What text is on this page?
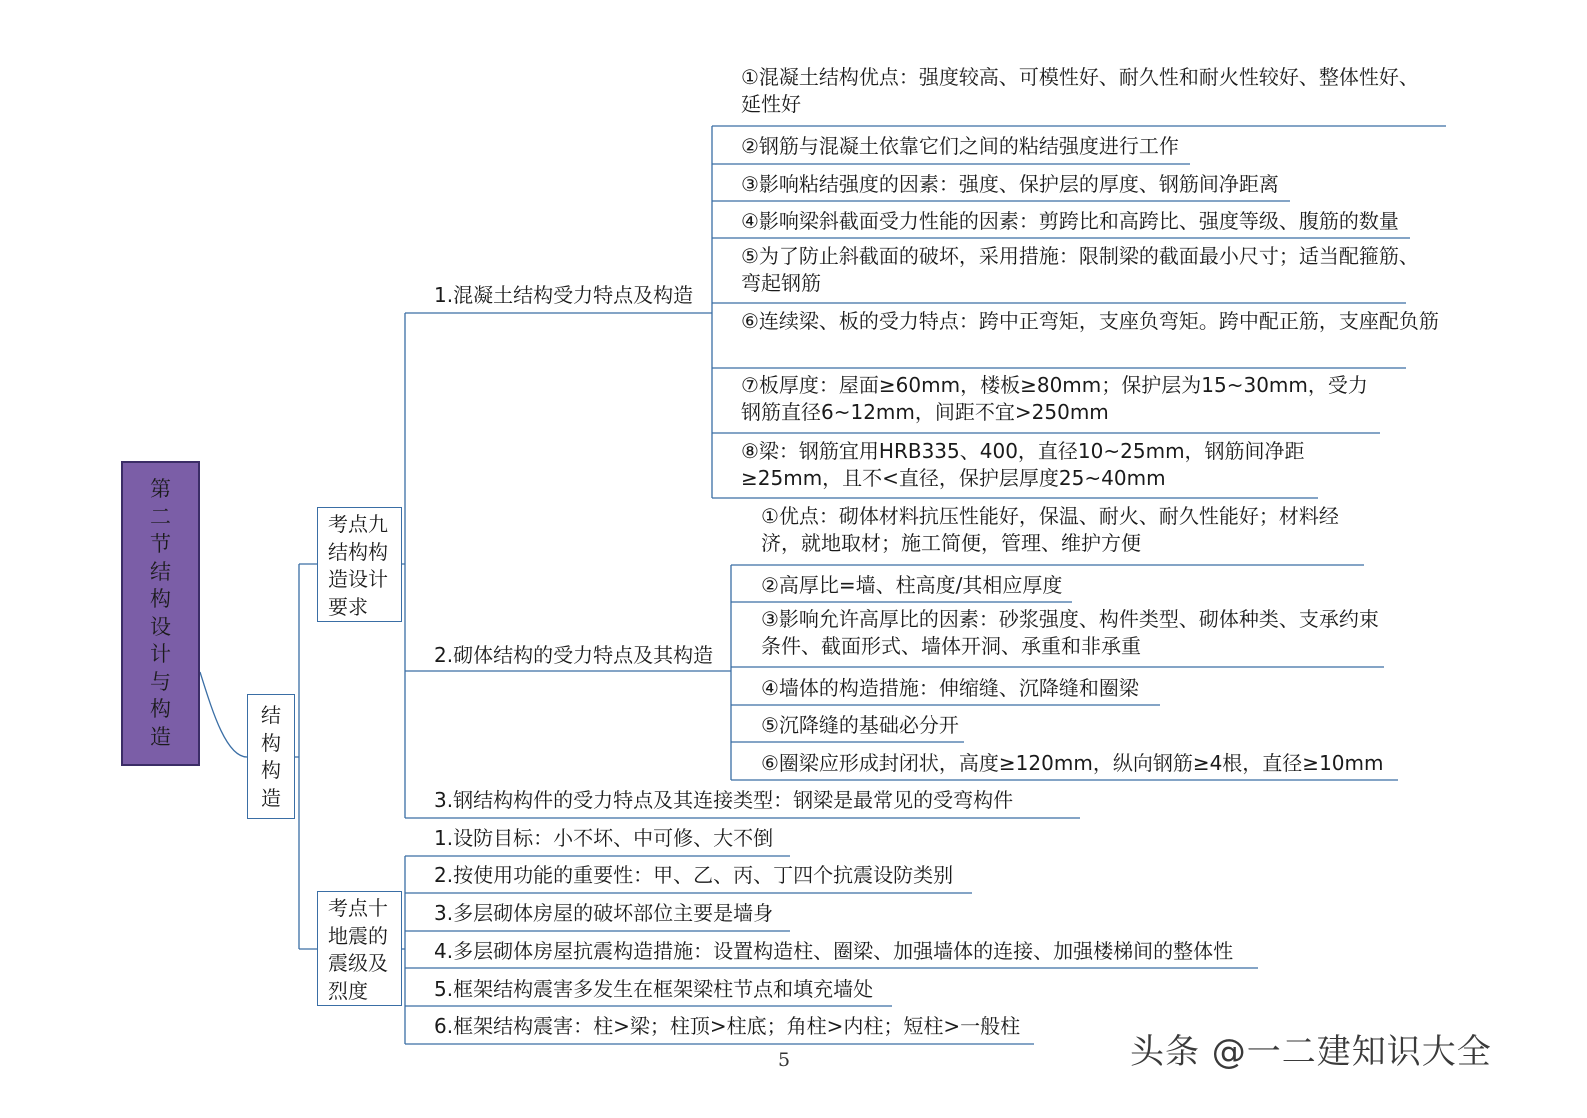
第二节结构设计与构造
结构构造
考点九结构构造设计要求
考点十地震的震级及烈度
1.混凝土结构受力特点及构造
2.砌体结构的受力特点及其构造
3.钢结构构件的受力特点及其连接类型：钢梁是最常见的受弯构件
①混凝土结构优点：强度较高、可模性好、耐久性和耐火性较好、整体性好、延性好
②钢筋与混凝土依靠它们之间的粘结强度进行工作
③影响粘结强度的因素：强度、保护层的厚度、钢筋间净距离
④影响梁斜截面受力性能的因素：剪跨比和高跨比、强度等级、腹筋的数量
⑤为了防止斜截面的破坏，采用措施：限制梁的截面最小尺寸；适当配箍筋、弯起钢筋
⑥连续梁、板的受力特点：跨中正弯矩，支座负弯矩。跨中配正筋，支座配负筋
⑦板厚度：屋面≥60mm，楼板≥80mm；保护层为15~30mm，受力钢筋直径6~12mm，间距不宜>250mm
⑧梁：钢筋宜用HRB335、400，直径10~25mm，钢筋间净距≥25mm，且不<直径，保护层厚度25~40mm
①优点：砌体材料抗压性能好，保温、耐火、耐久性能好；材料经济，就地取材；施工简便，管理、维护方便
②高厚比=墙、柱高度/其相应厚度
③影响允许高厚比的因素：砂浆强度、构件类型、砌体种类、支承约束条件、截面形式、墙体开洞、承重和非承重
④墙体的构造措施：伸缩缝、沉降缝和圈梁
⑤沉降缝的基础必分开
⑥圈梁应形成封闭状，高度≥120mm，纵向钢筋≥4根，直径≥10mm
1.设防目标：小不坏、中可修、大不倒
2.按使用功能的重要性：甲、乙、丙、丁四个抗震设防类别
3.多层砌体房屋的破坏部位主要是墙身
4.多层砌体房屋抗震构造措施：设置构造柱、圈梁、加强墙体的连接、加强楼梯间的整体性
5.框架结构震害多发生在框架梁柱节点和填充墙处
6.框架结构震害：柱>梁；柱顶>柱底；角柱>内柱；短柱>一般柱
5	头条 @一二建知识大全
